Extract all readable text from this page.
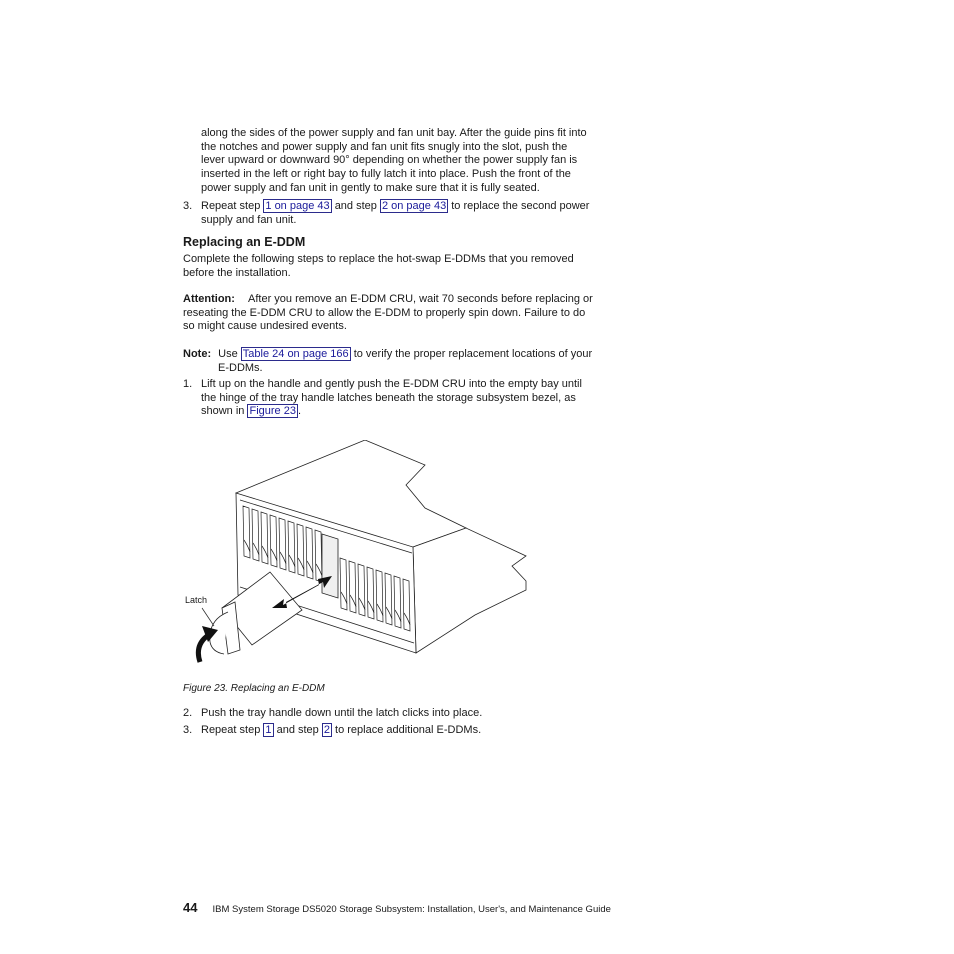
along the sides of the power supply and fan unit bay. After the guide pins fit into
the notches and power supply and fan unit fits snugly into the slot, push the
lever upward or downward 90° depending on whether the power supply fan is
inserted in the left or right bay to fully latch it into place. Push the front of the
power supply and fan unit in gently to make sure that it is fully seated.
3. Repeat step 1 on page 43 and step 2 on page 43 to replace the second power
supply and fan unit.
Replacing an E-DDM
Complete the following steps to replace the hot-swap E-DDMs that you removed
before the installation.
Attention: After you remove an E-DDM CRU, wait 70 seconds before replacing or
reseating the E-DDM CRU to allow the E-DDM to properly spin down. Failure to do
so might cause undesired events.
Note: Use Table 24 on page 166 to verify the proper replacement locations of your
E-DDMs.
1. Lift up on the handle and gently push the E-DDM CRU into the empty bay until
the hinge of the tray handle latches beneath the storage subsystem bezel, as
shown in Figure 23 .
Latch
Figure 23. Replacing an E-DDM
2. Push the tray handle down until the latch clicks into place.
3. Repeat step 1 and step 2 to replace additional E-DDMs.
44 IBM System Storage DS5020 Storage Subsystem: Installation, User's, and Maintenance Guide
